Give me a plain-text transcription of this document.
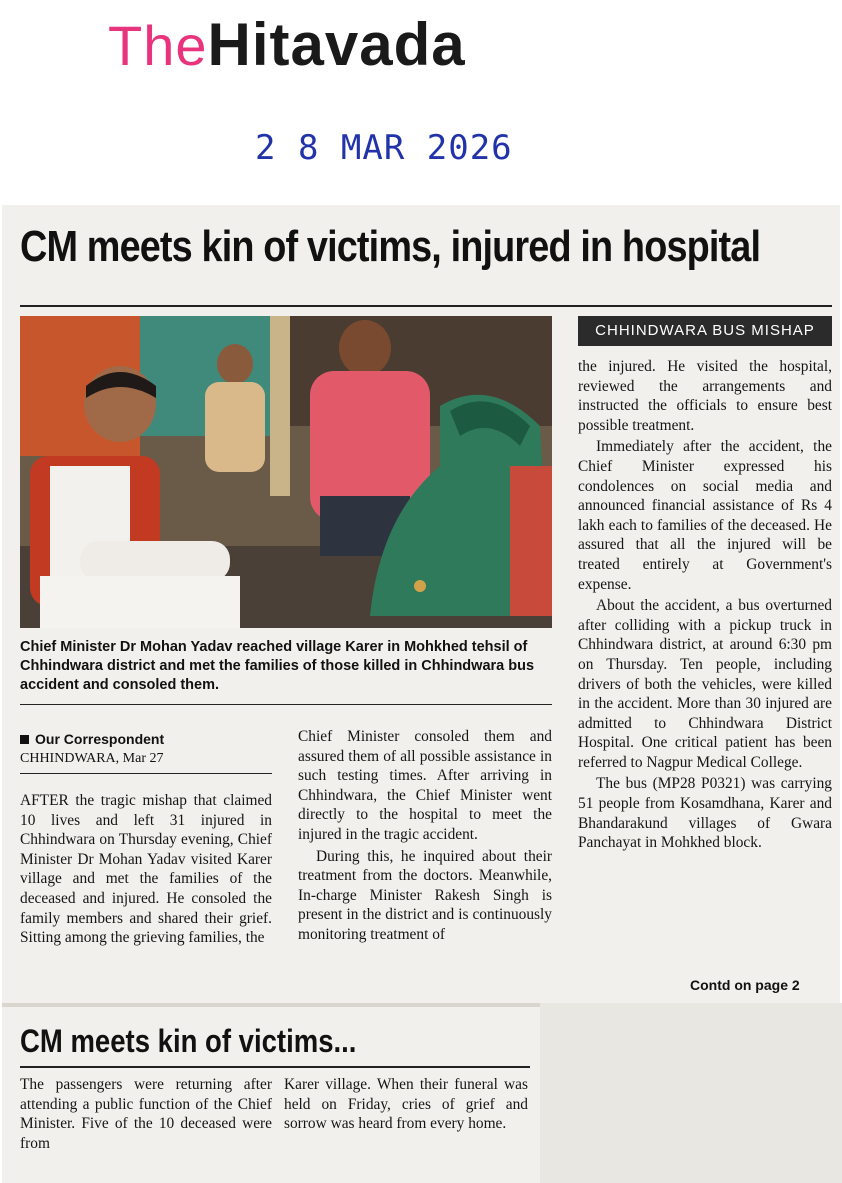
TheHitavada
2 8 MAR 2026
CM meets kin of victims, injured in hospital
CHHINDWARA BUS MISHAP
Chief Minister Dr Mohan Yadav reached village Karer in Mohkhed tehsil of Chhindwara district and met the families of those killed in Chhindwara bus accident and consoled them.
Our Correspondent
CHHINDWARA, Mar 27

AFTER the tragic mishap that claimed 10 lives and left 31 injured in Chhindwara on Thursday evening, Chief Minister Dr Mohan Yadav visited Karer village and met the families of the deceased and injured. He consoled the family members and shared their grief. Sitting among the grieving families, the

Chief Minister consoled them and assured them of all possible assistance in such testing times. After arriving in Chhindwara, the Chief Minister went directly to the hospital to meet the injured in the tragic accident.

During this, he inquired about their treatment from the doctors. Meanwhile, In-charge Minister Rakesh Singh is present in the district and is continuously monitoring treatment of

the injured. He visited the hospital, reviewed the arrangements and instructed the officials to ensure best possible treatment.

Immediately after the accident, the Chief Minister expressed his condolences on social media and announced financial assistance of Rs 4 lakh each to families of the deceased. He assured that all the injured will be treated entirely at Government's expense.

About the accident, a bus overturned after colliding with a pickup truck in Chhindwara district, at around 6:30 pm on Thursday. Ten people, including drivers of both the vehicles, were killed in the accident. More than 30 injured are admitted to Chhindwara District Hospital. One critical patient has been referred to Nagpur Medical College.

The bus (MP28 P0321) was carrying 51 people from Kosamdhana, Karer and Bhandarakund villages of Gwara Panchayat in Mohkhed block.

Contd on page 2
CM meets kin of victims...

The passengers were returning after attending a public function of the Chief Minister. Five of the 10 deceased were from

Karer village. When their funeral was held on Friday, cries of grief and sorrow was heard from every home.
